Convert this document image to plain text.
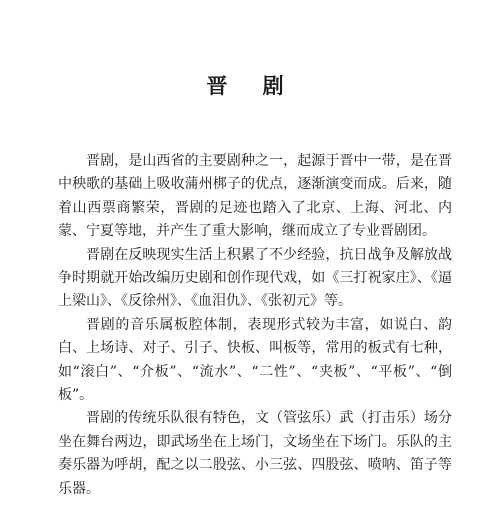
晋 剧

晋剧，是山西省的主要剧种之一，起源于晋中一带，是在晋中秧歌的基础上吸收蒲州梆子的优点，逐渐演变而成。后来，随着山西票商繁荣，晋剧的足迹也踏入了北京、上海、河北、内蒙、宁夏等地，并产生了重大影响，继而成立了专业晋剧团。

晋剧在反映现实生活上积累了不少经验，抗日战争及解放战争时期就开始改编历史剧和创作现代戏，如《三打祝家庄》、《逼上梁山》、《反徐州》、《血泪仇》、《张初元》等。

晋剧的音乐属板腔体制，表现形式较为丰富，如说白、韵白、上场诗、对子、引子、快板、叫板等，常用的板式有七种，如“滚白”、“介板”、“流水”、“二性”、“夹板”、“平板”、“倒板”。

晋剧的传统乐队很有特色，文（管弦乐）武（打击乐）场分坐在舞台两边，即武场坐在上场门，文场坐在下场门。乐队的主奏乐器为呼胡，配之以二股弦、小三弦、四股弦、喷呐、笛子等乐器。
